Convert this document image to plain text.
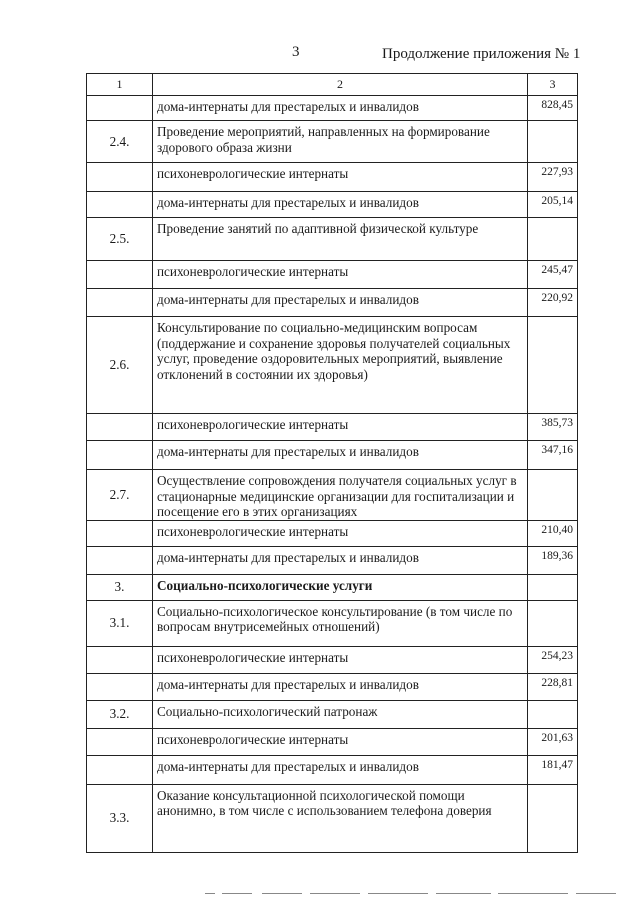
3	Продолжение приложения № 1
1	2	3
	дома-интернаты для престарелых и инвалидов	828,45
2.4.	Проведение мероприятий, направленных на формирование здорового образа жизни	
	психоневрологические интернаты	227,93
	дома-интернаты для престарелых и инвалидов	205,14
2.5.	Проведение занятий по адаптивной физической культуре	
	психоневрологические интернаты	245,47
	дома-интернаты для престарелых и инвалидов	220,92
2.6.	Консультирование по социально-медицинским вопросам (поддержание и сохранение здоровья получателей социальных услуг, проведение оздоровительных мероприятий, выявление отклонений в состоянии их здоровья)	
	психоневрологические интернаты	385,73
	дома-интернаты для престарелых и инвалидов	347,16
2.7.	Осуществление сопровождения получателя социальных услуг в стационарные медицинские организации для госпитализации и посещение его в этих организациях	
	психоневрологические интернаты	210,40
	дома-интернаты для престарелых и инвалидов	189,36
3.	Социально-психологические услуги	
3.1.	Социально-психологическое консультирование (в том числе по вопросам внутрисемейных отношений)	
	психоневрологические интернаты	254,23
	дома-интернаты для престарелых и инвалидов	228,81
3.2.	Социально-психологический патронаж	
	психоневрологические интернаты	201,63
	дома-интернаты для престарелых и инвалидов	181,47
3.3.	Оказание консультационной психологической помощи анонимно, в том числе с использованием телефона доверия	
